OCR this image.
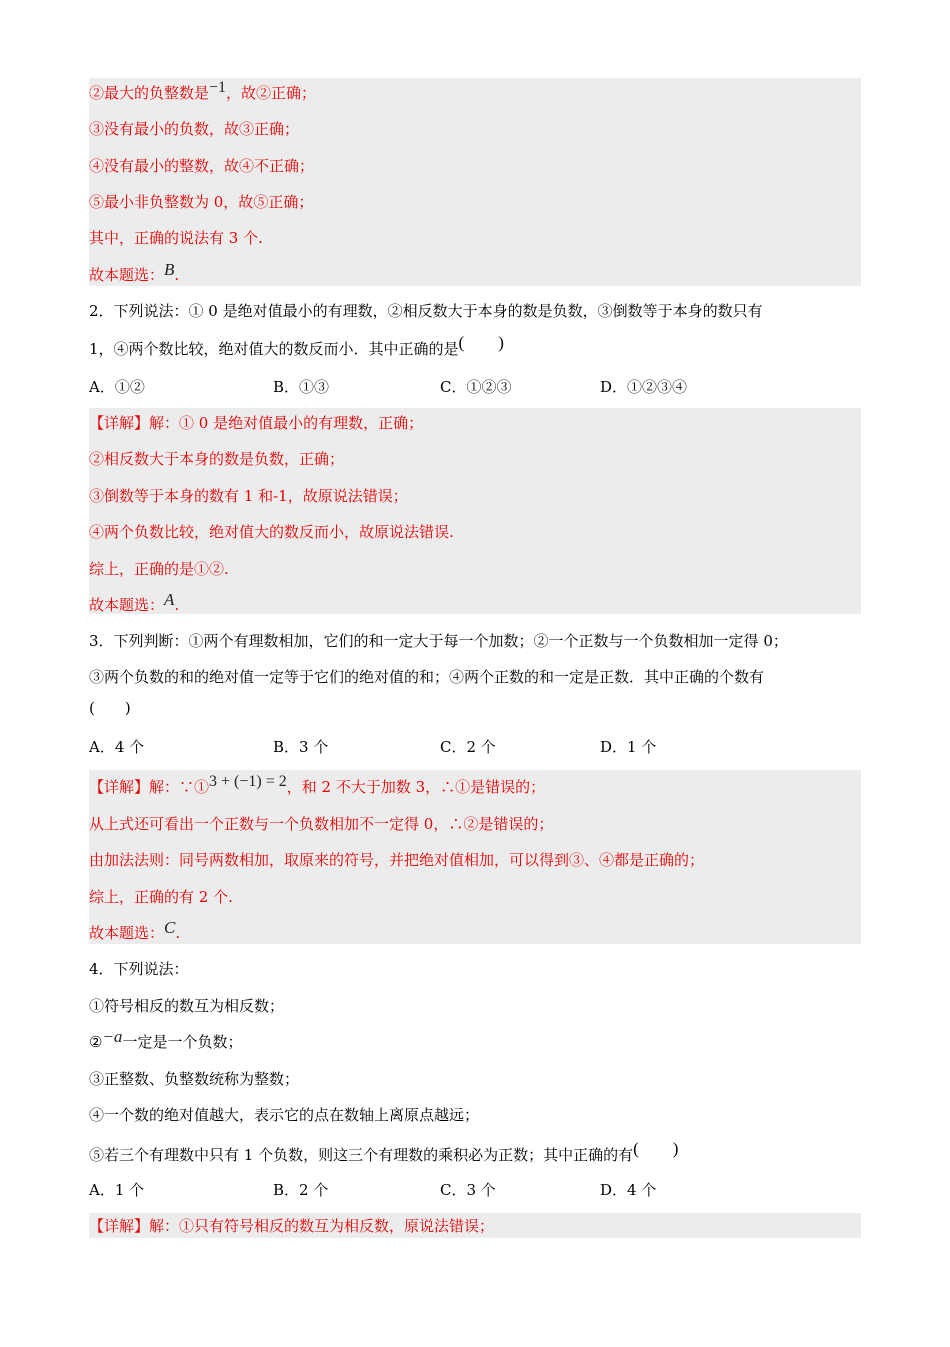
②最大的负整数是−1，故②正确；
③没有最小的负数，故③正确；
④没有最小的整数，故④不正确；
⑤最小非负整数为 0，故⑤正确；
其中，正确的说法有 3 个.
故本题选：B.
2．下列说法：① 0 是绝对值最小的有理数，②相反数大于本身的数是负数，③倒数等于本身的数只有
1，④两个数比较，绝对值大的数反而小．其中正确的是(　　)
A．①②	B．①③	C．①②③	D．①②③④
【详解】解：① 0 是绝对值最小的有理数，正确；
②相反数大于本身的数是负数，正确；
③倒数等于本身的数有 1 和-1，故原说法错误；
④两个负数比较，绝对值大的数反而小，故原说法错误.
综上，正确的是①②.
故本题选：A.
3．下列判断：①两个有理数相加，它们的和一定大于每一个加数；②一个正数与一个负数相加一定得 0；
③两个负数的和的绝对值一定等于它们的绝对值的和；④两个正数的和一定是正数．其中正确的个数有
(　　)
A．4 个	B．3 个	C．2 个	D．1 个
【详解】解：∵①3 + (−1) = 2，和 2 不大于加数 3，∴①是错误的；
从上式还可看出一个正数与一个负数相加不一定得 0，∴②是错误的；
由加法法则：同号两数相加，取原来的符号，并把绝对值相加，可以得到③、④都是正确的；
综上，正确的有 2 个.
故本题选：C.
4．下列说法：
①符号相反的数互为相反数；
②−a一定是一个负数；
③正整数、负整数统称为整数；
④一个数的绝对值越大，表示它的点在数轴上离原点越远；
⑤若三个有理数中只有 1 个负数，则这三个有理数的乘积必为正数；其中正确的有(　　)
A．1 个	B．2 个	C．3 个	D．4 个
【详解】解：①只有符号相反的数互为相反数，原说法错误；
